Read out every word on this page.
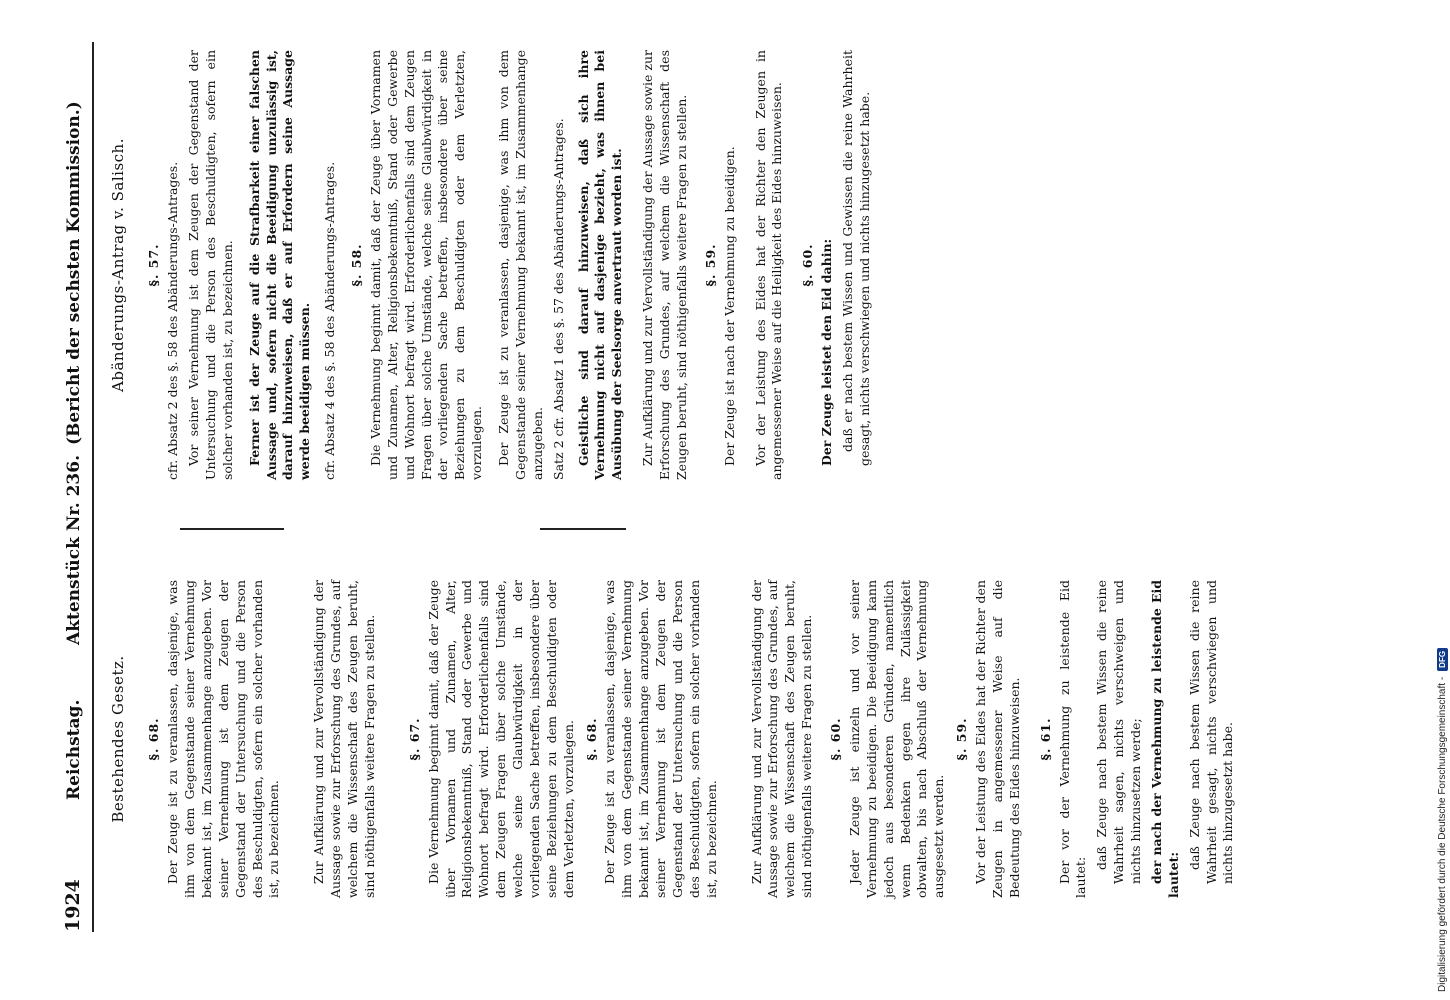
1924
Reichstag.
Aktenstück Nr. 236.
(Bericht der sechsten Kommission.)
Bestehendes Gesetz. §. 68. Der Zeuge ist zu veranlassen, dasjenige, was ihm von dem Gegenstande seiner Vernehmung bekannt ist, im Zusammenhange anzugeben. Vor seiner Vernehmung ist dem Zeugen der Gegenstand der Untersuchung und die Person des Beschuldigten, sofern ein solcher vorhanden ist, zu bezeichnen. Zur Aufklärung und zur Vervollständigung der Aussage sowie zur Erforschung des Grundes, auf welchem die Wissenschaft des Zeugen beruht, sind nöthigenfalls weitere Fragen zu stellen. §. 67. Die Vernehmung beginnt damit, daß der Zeuge über Vornamen und Zunamen, Alter, Religionsbekenntniß, Stand oder Gewerbe und Wohnort befragt wird. Erforderlichenfalls sind dem Zeugen Fragen über solche Umstände, welche seine Glaubwürdigkeit in der vorliegenden Sache betreffen, insbesondere über seine Beziehungen zu dem Beschuldigten oder dem Verletzten, vorzulegen. §. 68. Der Zeuge ist zu veranlassen, dasjenige, was ihm von dem Gegenstande seiner Vernehmung bekannt ist, im Zusammenhange anzugeben. Vor seiner Vernehmung ist dem Zeugen der Gegenstand der Untersuchung und die Person des Beschuldigten, sofern ein solcher vorhanden ist, zu bezeichnen. Zur Aufklärung und zur Vervollständigung der Aussage sowie zur Erforschung des Grundes, auf welchem die Wissenschaft des Zeugen beruht, sind nöthigenfalls weitere Fragen zu stellen. §. 60. Jeder Zeuge ist einzeln und vor seiner Vernehmung zu beeidigen. Die Beeidigung kann jedoch aus besonderen Gründen, namentlich wenn Bedenken gegen ihre Zulässigkeit obwalten, bis nach Abschluß der Vernehmung ausgesetzt werden.

§. 59. Vor der Leistung des Eides hat der Richter den Zeugen in angemessener Weise auf die Bedeutung des Eides hinzuweisen. §. 61. Der vor der Vernehmung zu leistende Eid lautet:

daß Zeuge nach bestem Wissen die reine Wahrheit sagen, nichts verschweigen und nichts hinzusetzen werde; der nach der Vernehmung zu leistende Eid lautet:

daß Zeuge nach bestem Wissen die reine Wahrheit gesagt, nichts verschwiegen und nichts hinzugesetzt habe.

Abänderungs-Antrag v. Salisch. §. 57. cfr. Absatz 2 des §. 58 des Abänderungs-Antrages. Vor seiner Vernehmung ist dem Zeugen der Gegenstand der Untersuchung und die Person des Beschuldigten, sofern ein solcher vorhanden ist, zu bezeichnen. Ferner ist der Zeuge auf die Strafbarkeit einer falschen Aussage und, sofern nicht die Beeidigung unzulässig ist, darauf hinzuweisen, daß er auf Erfordern seine Aussage werde beeidigen müssen. cfr. Absatz 4 des §. 58 des Abänderungs-Antrages. §. 58. Die Vernehmung beginnt damit, daß der Zeuge über Vornamen und Zunamen, Alter, Religionsbekenntniß, Stand oder Gewerbe und Wohnort befragt wird. Erforderlichenfalls sind dem Zeugen Fragen über solche Umstände, welche seine Glaubwürdigkeit in der vorliegenden Sache betreffen, insbesondere über seine Beziehungen zu dem Beschuldigten oder dem Verletzten, vorzulegen. Der Zeuge ist zu veranlassen, dasjenige, was ihm von dem Gegenstande seiner Vernehmung bekannt ist, im Zusammenhange anzugeben. Satz 2 cfr. Absatz 1 des §. 57 des Abänderungs-Antrages. Geistliche sind darauf hinzuweisen, daß sich ihre Vernehmung nicht auf dasjenige bezieht, was ihnen bei Ausübung der Seelsorge anvertraut worden ist. Zur Aufklärung und zur Vervollständigung der Aussage sowie zur Erforschung des Grundes, auf welchem die Wissenschaft des Zeugen beruht, sind nöthigenfalls weitere Fragen zu stellen. §. 59. Der Zeuge ist nach der Vernehmung zu beeidigen. Vor der Leistung des Eides hat der Richter den Zeugen in angemessener Weise auf die Heiligkeit des Eides hinzuweisen. §. 60. Der Zeuge leistet den Eid dahin: daß er nach bestem Wissen und Gewissen die reine Wahrheit gesagt, nichts verschwiegen und nichts hinzugesetzt habe.

Digitalisierung gefördert durch die Deutsche Forschungsgemeinschaft -
DFG
